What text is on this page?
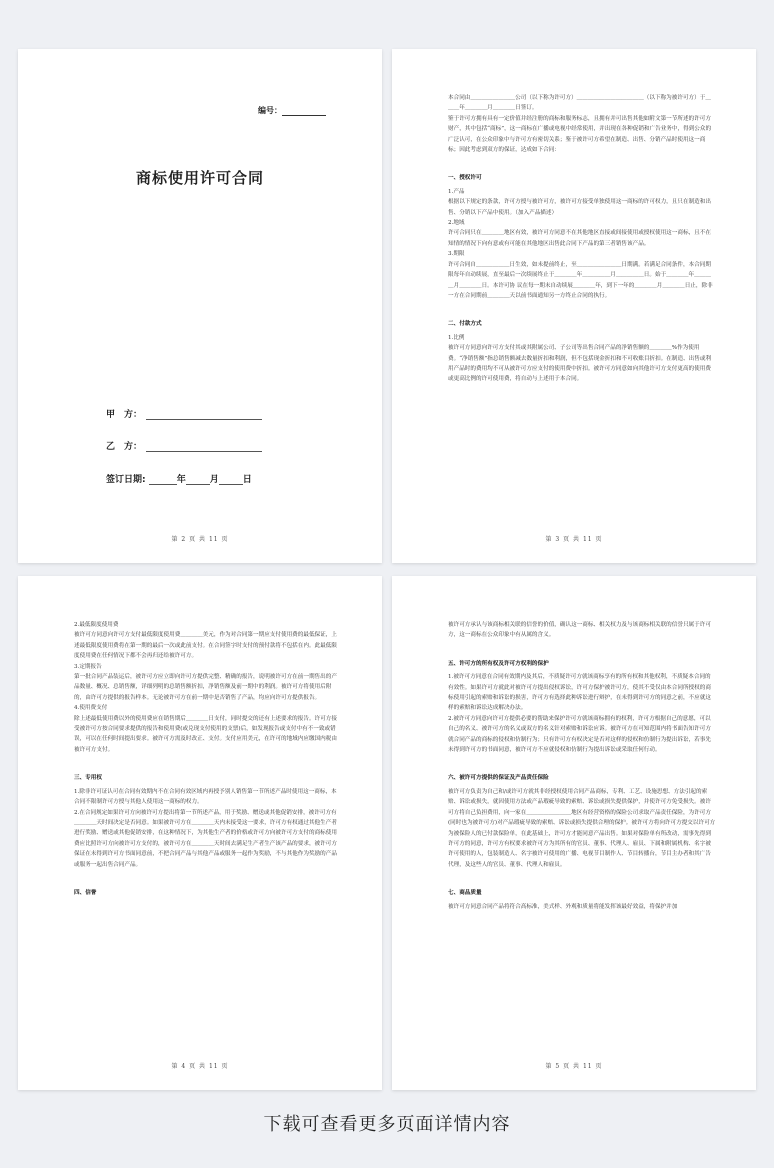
编号：
商标使用许可合同
甲　方：
乙　方：
签订日期:	年	月	日
第 2 页 共 11 页

本合同由＿＿＿＿＿＿＿＿公司（以下称为许可方）＿＿＿＿＿＿＿＿＿＿＿＿（以下称为被许可方）于＿＿＿年＿＿＿＿月＿＿＿＿日签订。

鉴于许可方拥有具有一定价值并经注册的商标和服务标志，且拥有并可出售其他如附文第一节所述的许可方财产，其中包括“商标”，这一商标在广播或电视中经常使用，并出现在各种促销和广告业务中，得到公众的广泛认可，在公众印象中与许可方有密切关系；鉴于被许可方希望在制造、出售、分销产品时使用这一商标；因此考虑到双方的保证，达成如下合同：

一、授权许可

1.产品

根据以下规定的条款，许可方授与被许可方，被许可方接受单独使用这一商标的许可权力，且只在制造和出售、分销以下产品中使用。（加入产品描述）

2.地域

许可合同只在＿＿＿＿地区有效，被许可方同意不在其他地区直接或间接使用或授权使用这一商标，且不在知情的情况下向有意或有可能在其他地区出售此合同下产品的第三者销售该产品。

3.期限

许可合同自＿＿＿＿＿＿日生效，如未提前终止，至＿＿＿＿＿＿＿＿日期满。若满足合同条件，本合同期限每年自动续展，直至最后一次续展终止于＿＿＿＿年＿＿＿＿＿月＿＿＿＿＿日。始于＿＿＿＿年＿＿＿＿月＿＿＿＿日。本许可协 议在每一期末自动续展＿＿＿＿年，到下一年的＿＿＿＿月＿＿＿＿日止，除非一方在合同期前＿＿＿＿天以前书面通知另一方终止合同的执行。

二、付款方式

1.比例

被许可方同意向许可方支付其或其附属公司、子公司等出售合同产品的净销售额的＿＿＿＿%作为使用费。“净销售额”指总销售额减去数量折扣和利润，但不包括现金折扣和不可收账目折扣。在制造、出售或利用产品时的费用均不可从被许可方应支付的使用费中折扣。被许可方同意如向其他许可方支付更高的使用费或更高比例的许可使用费，将自动与上述用于本合同。

第 3 页 共 11 页

2.最低限度使用费

被许可方同意向许可方支付最低限度使用费＿＿＿＿美元，作为对合同第一期应支付使用费的最低保证，上述最低限度使用费将在第一期的最后一次或此前支付。在合同签字时支付的预付款将不包括在内。此最低限度使用费在任何情况下都不会再归还给被许可方。

3.定期报告

第一批合同产品装运后，被许可方应立即向许可方提供完整、精确的报告，说明被许可方在前一期售出的产品数量、概况、总销售额，详细列明的总销售额折扣，净销售额及前一期中的利润。被许可方将使用后附的，由许可方提供的报告样本。无论被许可方在前一期中是否销售了产品，均应向许可方提供报告。

4.使用费支付

除上述最低使用费以外的使用费应在销售期后＿＿＿＿日支付，同时提交的还有上述要求的报告。许可方接受被许可方按合同要求提供的报告和使用费(或兑现支付使用的支票)后，如发现报告或支付中有不一致或错误，可以在任何时间提出要求。被许可方需及时改正、支付。支付应用美元，在许可的地域内应缴国内税由被许可方支付。

三、专用权

1.除非许可证认可在合同有效期内不在合同有效区域内再授予别人销售第一节所述产品时使用这一商标，本合同不限制许可方授与其他人使用这一商标的权力。

2.在合同规定如果许可方向被许可方提出将第一节所述产品，用于奖励、赠送或其他促销安排，被许可方有＿＿＿＿天时间决定是否同意。如果被许可方在＿＿＿＿天内未接受这一要求，许可方有权通过其他生产者进行奖励、赠送或其他促销安排，在这种情况下，为其他生产者的价格或许可方向被许可方支付的商标使用费应比照许可方向被许可方支付的，被许可方在＿＿＿＿天时间去满足生产者生产该产品的要求，被许可方保证在未得到许可方书面同意前，不把合同产品与其他产品或服务一起作为奖励，不与其他作为奖励的产品或服务一起出售合同产品。

四、信誉

第 4 页 共 11 页

被许可方承认与该商标相关联的信誉的价值，确认这一商标、相关权力及与该商标相关联的信誉只属于许可方，这一商标在公众印象中有从属的含义。

五、许可方的所有权及许可方权利的保护

1.被许可方同意在合同有效期内及其后，不质疑许可方就该商标享有的所有权和其他权利，不质疑本合同的有效性。如果许可方就此对被许可方提出侵权诉讼，许可方保护被许可方，使其不受仅由本合同所授权的商标使用引起的索赔和诉讼的损害，许可方有选择此种诉讼进行辩护，在未得到许可方的同意之前，不应就这样的索赔和诉讼达成解决办法。

2.被许可方同意向许可方提供必要的帮助来保护许可方就该商标拥有的权利，许可方根据自己的意愿，可以自己的名义、被许可方的名义或双方的名义针对索赔和诉讼应诉。被许可方在可知范围内将书面告知许可方就合同产品的商标的侵权和仿制行为；只有许可方有权决定是否对这样的侵权和仿制行为提出诉讼，若事先未得到许可方的书面同意，被许可方不应就侵权和仿制行为提出诉讼或采取任何行动。

六、被许可方提供的保证及产品责任保险

被许可方负责为自己和/或许可方就其非经授权使用合同产品商标，专利、工艺、设施思想、方法引起的索赔、诉讼或损失，就因使用方法或产品瑕疵导致的索赔、诉讼或损失提供保护，并使许可方免受损失。被许可方将自己负担费用，向一家在＿＿＿＿＿＿＿＿地区有经营资格的保险公司求取产品责任保险，为许可方(同时也为被许可方)对产品瑕疵导致的索赔、诉讼或损失提供合理的保护。被许可方将向许可方提交以许可方为被保险人的已付款保险单，在此基础上，许可方才能同意产品出售。如果对保险单有所改动，需事先得到许可方的同意，许可方有权要求被许可方为其所有的官员、董事、代理人、雇员、下属和附属机构、名字被许可使用的人，包装制造人、名字被许可使用的广播、电视节目制作人、节目转播台，节目主办者和其广告代理，及这些人的官员、董事、代理人和雇员。

七、商品质量

被许可方同意合同产品将符合高标准，美式样、外观和质量将能发挥该最好效益，将保护并加

第 5 页 共 11 页
下载可查看更多页面详情内容
